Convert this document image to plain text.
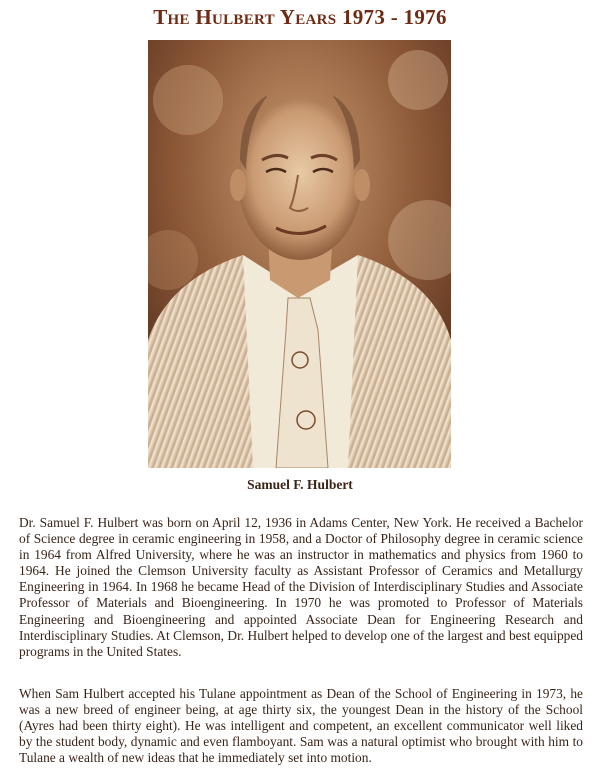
The Hulbert Years 1973 - 1976
Samuel F. Hulbert

Dr. Samuel F. Hulbert was born on April 12, 1936 in Adams Center, New York. He received a Bachelor of Science degree in ceramic engineering in 1958, and a Doctor of Philosophy degree in ceramic science in 1964 from Alfred University, where he was an instructor in mathematics and physics from 1960 to 1964. He joined the Clemson University faculty as Assistant Professor of Ceramics and Metallurgy Engineering in 1964. In 1968 he became Head of the Division of Interdisciplinary Studies and Associate Professor of Materials and Bioengineering. In 1970 he was promoted to Professor of Materials Engineering and Bioengineering and appointed Associate Dean for Engineering Research and Interdisciplinary Studies. At Clemson, Dr. Hulbert helped to develop one of the largest and best equipped programs in the United States.

When Sam Hulbert accepted his Tulane appointment as Dean of the School of Engineering in 1973, he was a new breed of engineer being, at age thirty six, the youngest Dean in the history of the School (Ayres had been thirty eight). He was intelligent and competent, an excellent communicator well liked by the student body, dynamic and even flamboyant. Sam was a natural optimist who brought with him to Tulane a wealth of new ideas that he immediately set into motion.
